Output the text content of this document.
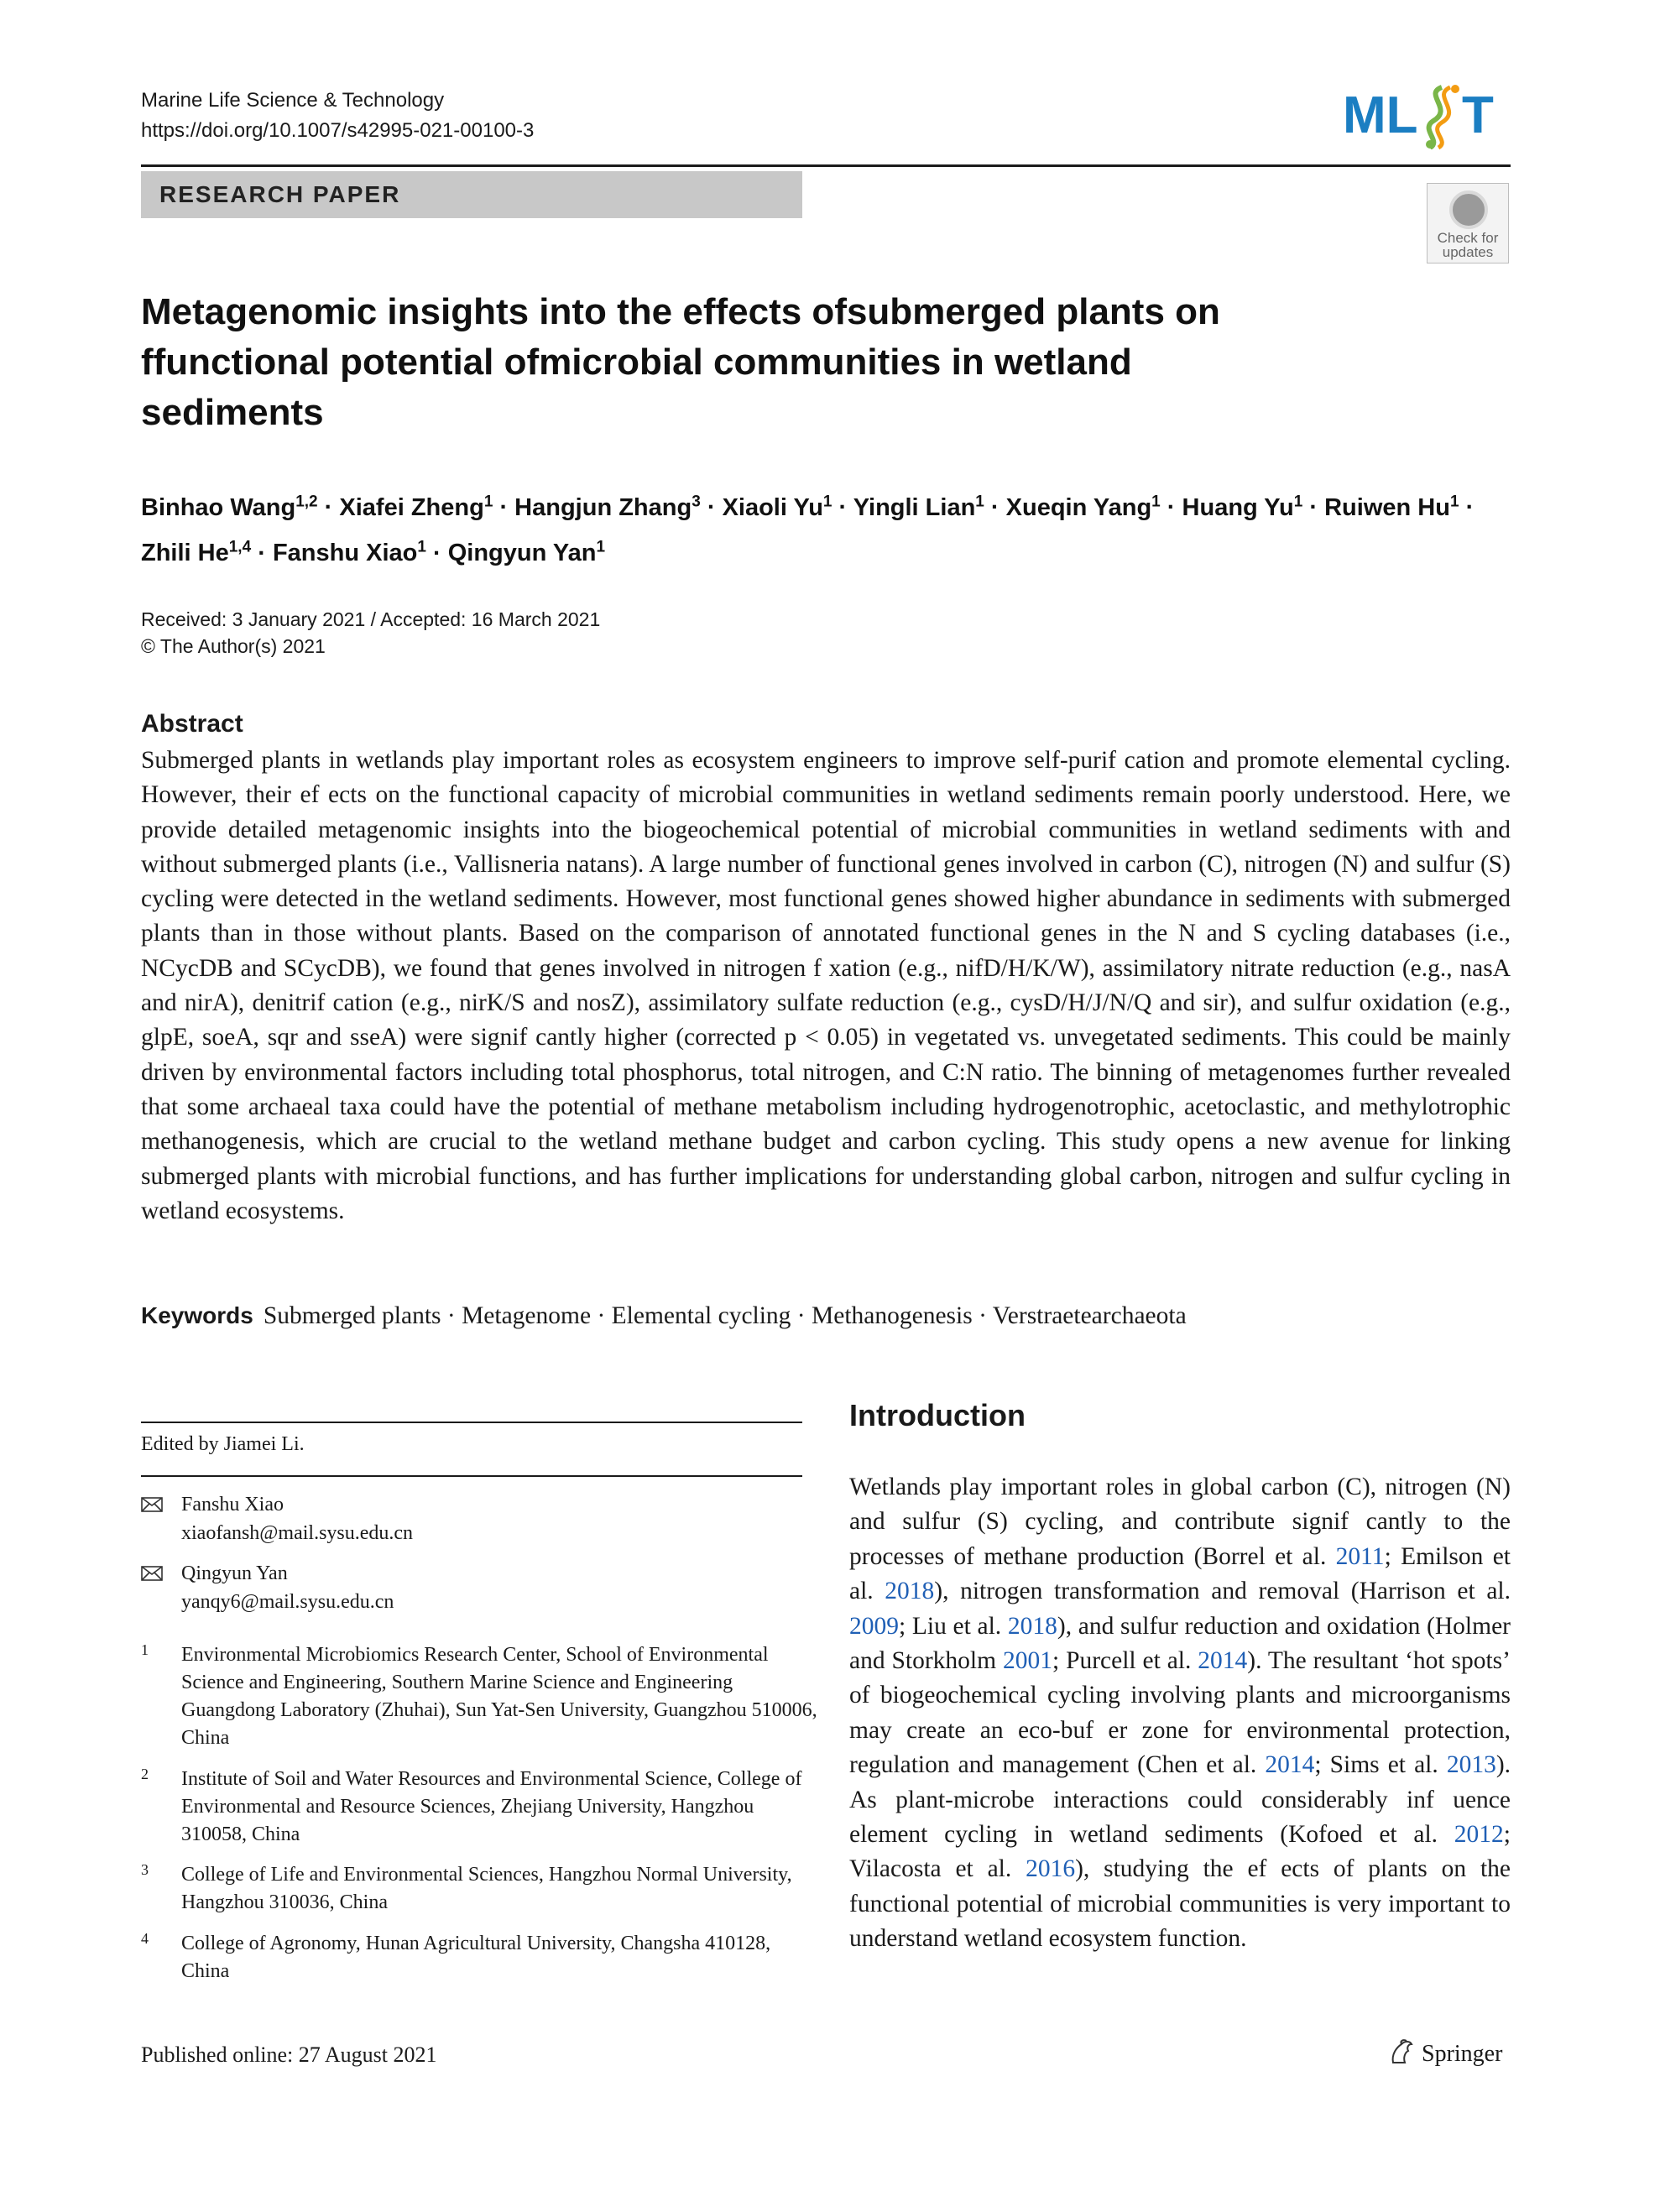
Marine Life Science & Technology
https://doi.org/10.1007/s42995-021-00100-3	ML T
RESEARCH PAPER
Check for updates
Metagenomic insights into the effects ofsubmerged plants on ffunctional potential ofmicrobial communities in wetland sediments
Binhao Wang$^{1,2}$ · Xiafei Zheng$^1$ · Hangjun Zhang$^3$ · Xiaoli $Yu^1$ · Yingli Lian$^1$ · Xueqin Yang$^1$ · Huang $Yu^1$ · Ruiwen $Hu^1$ ·
Zhili He$^{1,4}$ · Fanshu Xiao$^1$ · Qingyun Yan$^1$
Received: 3 January 2021 / Accepted: 16 March 2021
© The Author(s) 2021
Abstract
Submerged plants in wetlands play important roles as ecosystem engineers to improve self-purif cation and promote elemental cycling. However, their ef ects on the functional capacity of microbial communities in wetland sediments remain poorly understood. Here, we provide detailed metagenomic insights into the biogeochemical potential of microbial communities in wetland sediments with and without submerged plants (i.e., Vallisneria natans). A large number of functional genes involved in carbon (C), nitrogen (N) and sulfur (S) cycling were detected in the wetland sediments. However, most functional genes showed higher abundance in sediments with submerged plants than in those without plants. Based on the comparison of annotated functional genes in the N and S cycling databases (i.e., NCycDB and SCycDB), we found that genes involved in nitrogen f xation (e.g., nifD/H/K/W), assimilatory nitrate reduction (e.g., nasA and nirA), denitrif cation (e.g., nirK/S and nosZ), assimilatory sulfate reduction (e.g., cysD/H/J/N/Q and sir), and sulfur oxidation (e.g., glpE, soeA, sqr and sseA) were signif cantly higher (corrected p < 0.05) in vegetated vs. unvegetated sediments. This could be mainly driven by environmental factors including total phosphorus, total nitrogen, and C:N ratio. The binning of metagenomes further revealed that some archaeal taxa could have the potential of methane metabolism including hydrogenotrophic, acetoclastic, and methylotrophic methanogenesis, which are crucial to the wetland methane budget and carbon cycling. This study opens a new avenue for linking submerged plants with microbial functions, and has further implications for understanding global carbon, nitrogen and sulfur cycling in wetland ecosystems.
Keywords Submerged plants · Metagenome · Elemental cycling · Methanogenesis · Verstraetearchaeota
Edited by Jiamei Li.
Fanshu Xiao
xiaofansh@mail.sysu.edu.cn
Qingyun Yan
yanqy6@mail.sysu.edu.cn
1 Environmental Microbiomics Research Center, School of Environmental Science and Engineering, Southern Marine Science and Engineering Guangdong Laboratory (Zhuhai), Sun Yat-Sen University, Guangzhou 510006, China
2 Institute of Soil and Water Resources and Environmental Science, College of Environmental and Resource Sciences, Zhejiang University, Hangzhou 310058, China
3 College of Life and Environmental Sciences, Hangzhou Normal University, Hangzhou 310036, China
4 College of Agronomy, Hunan Agricultural University, Changsha 410128, China
Introduction
Wetlands play important roles in global carbon (C), nitrogen (N) and sulfur (S) cycling, and contribute signif cantly to the processes of methane production (Borrel et al. 2011; Emilson et al. 2018), nitrogen transformation and removal (Harrison et al. 2009; Liu et al. 2018), and sulfur reduction and oxidation (Holmer and Storkholm 2001; Purcell et al. 2014). The resultant ‘hot spots’ of biogeochemical cycling involving plants and microorganisms may create an eco-buf er zone for environmental protection, regulation and management (Chen et al. 2014; Sims et al. 2013). As plant-microbe interactions could considerably inf uence element cycling in wetland sediments (Kofoed et al. 2012; Vilacosta et al. 2016), studying the ef ects of plants on the functional potential of microbial communities is very important to understand wetland ecosystem function.
Published online: 27 August 2021	Springer
